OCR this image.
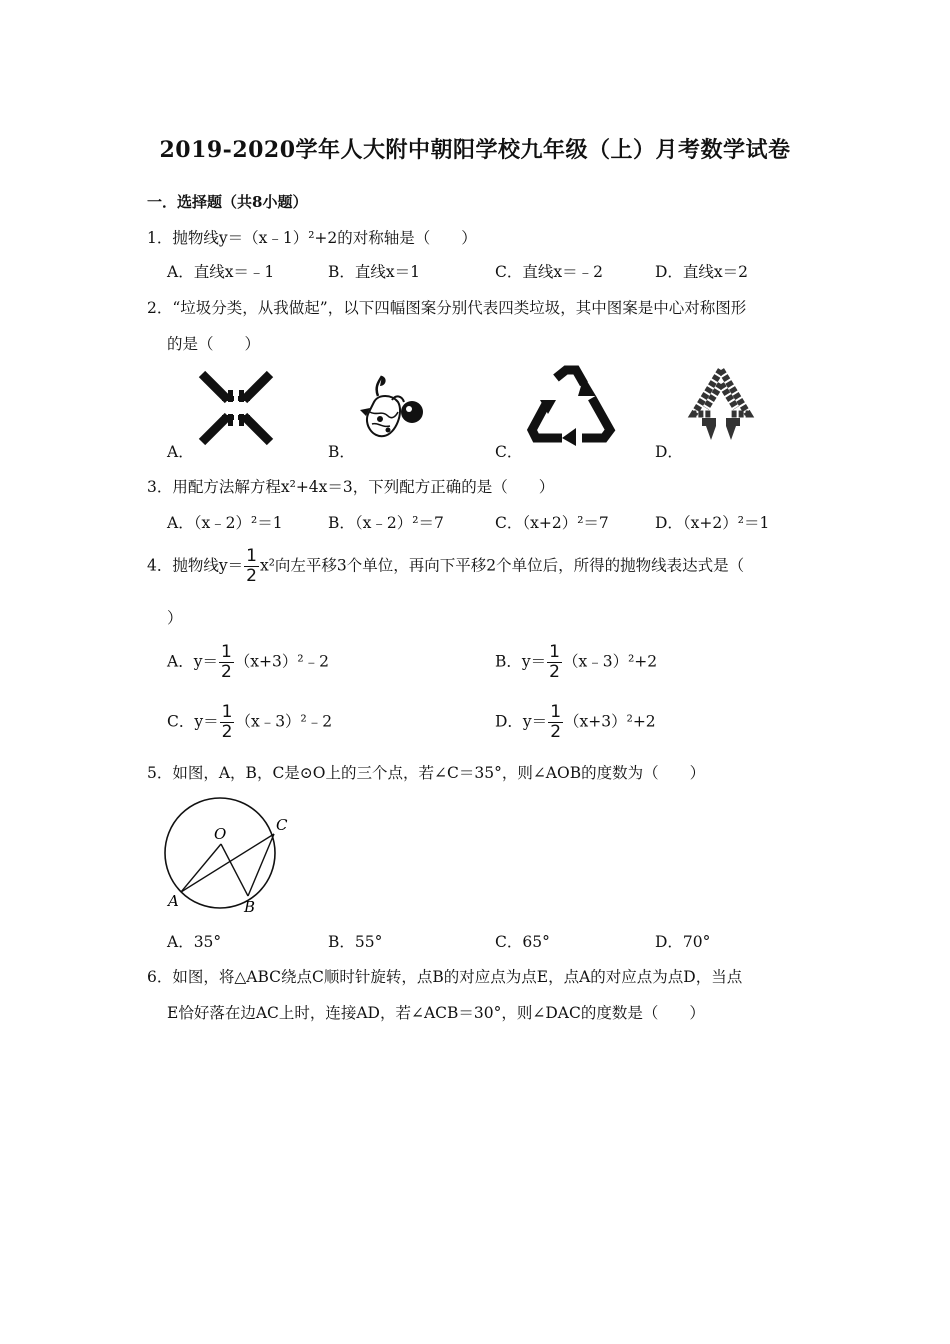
2019-2020学年人大附中朝阳学校九年级（上）月考数学试卷
一．选择题（共8小题）
1．抛物线y＝（x﹣1）²+2的对称轴是（　　）
A．直线x＝﹣1	B．直线x＝1	C．直线x＝﹣2	D．直线x＝2
2．“垃圾分类，从我做起”，以下四幅图案分别代表四类垃圾，其中图案是中心对称图形
的是（　　）
A．	B．	C．	D．
3．用配方法解方程x²+4x＝3，下列配方正确的是（　　）
A．（x﹣2）²＝1	B．（x﹣2）²＝7	C．（x+2）²＝7	D．（x+2）²＝1
4．抛物线$y= \frac{1}{2} x^2$向左平移3个单位，再向下平移2个单位后，所得的抛物线表达式是（
）
A．$y= \frac{1}{2}$ （x+3）²﹣2	B．$y= \frac{1}{2}$ （x﹣3）²+2
C．$y= \frac{1}{2}$ （x﹣3）²﹣2	D．$y= \frac{1}{2} (x+3)^2+2$
5．如图，A，B，C是⊙O上的三个点，若∠C＝35°，则∠AOB的度数为（　　）
O	C
A	B
A．35°	B．55°	C．65°	D．70°
6．如图，将△ABC绕点C顺时针旋转，点B的对应点为点E，点A的对应点为点D，当点
E恰好落在边AC上时，连接AD，若∠ACB＝30°，则∠DAC的度数是（　　）
